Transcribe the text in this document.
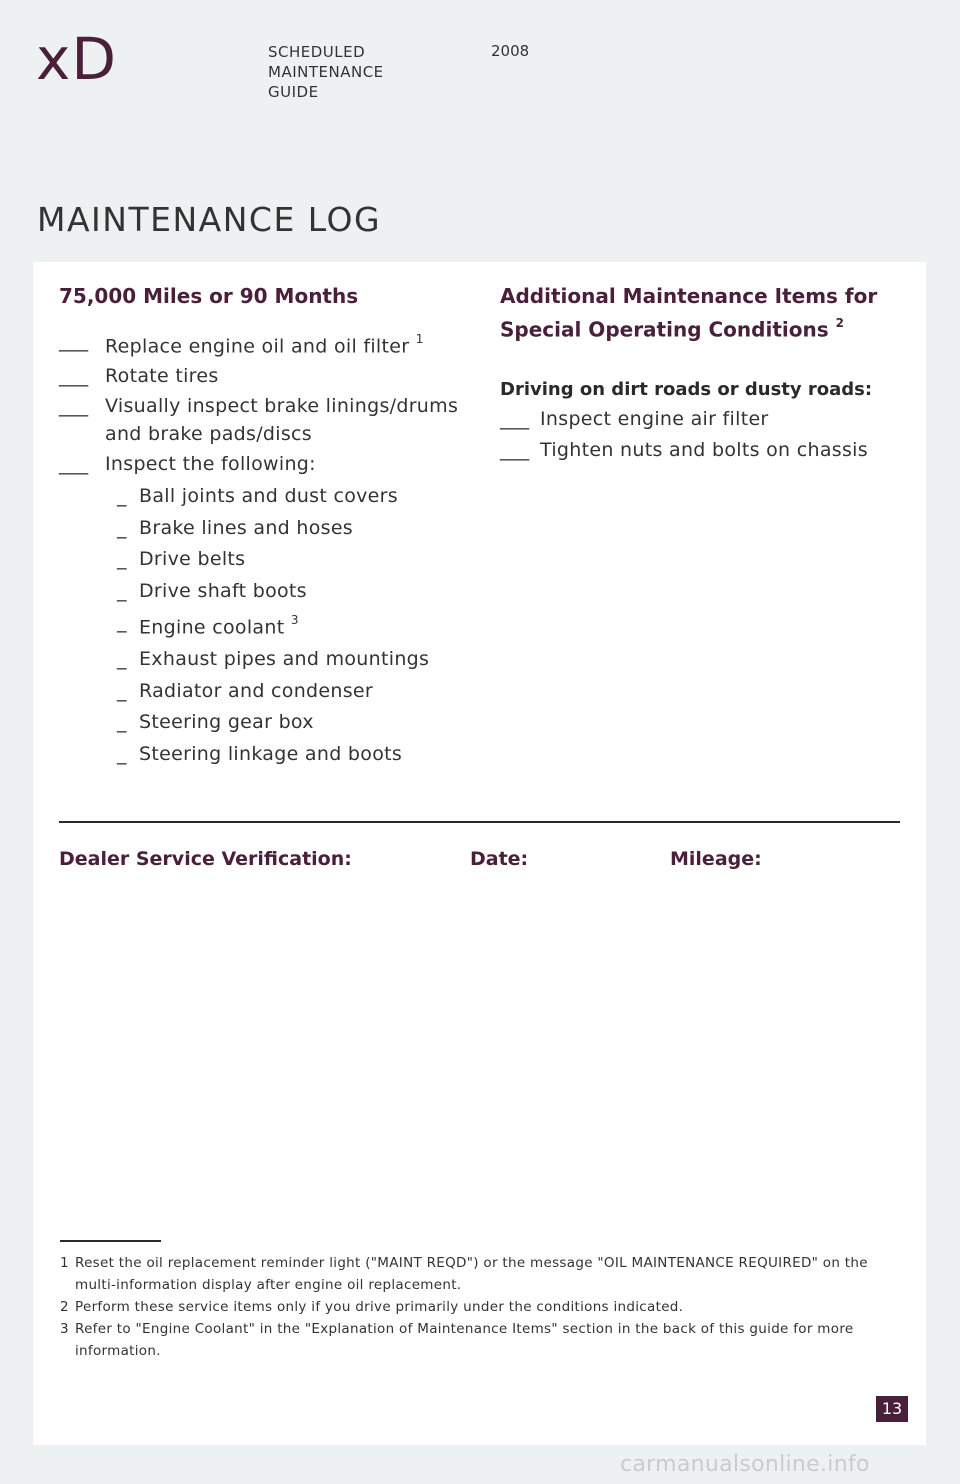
xD	SCHEDULED
MAINTENANCE
GUIDE
2008
MAINTENANCE LOG
75,000 Miles or 90 Months
___ Replace engine oil and oil filter $^1$
___ Rotate tires
___ Visually inspect brake linings/drums and brake pads/discs
___ Inspect the following:
_ Ball joints and dust covers
_ Brake lines and hoses
_ Drive belts
_ Drive shaft boots
_ Engine coolant $^3$
_ Exhaust pipes and mountings
_ Radiator and condenser
_ Steering gear box
_ Steering linkage and boots
Additional Maintenance Items for Special Operating Conditions $^2$
Driving on dirt roads or dusty roads:
___ Inspect engine air filter
___ Tighten nuts and bolts on chassis
Dealer Service Verification:	Date:	Mileage:
1 Reset the oil replacement reminder light ("MAINT REQD") or the message "OIL MAINTENANCE REQUIRED" on the multi-information display after engine oil replacement.
2 Perform these service items only if you drive primarily under the conditions indicated.
3 Refer to "Engine Coolant" in the "Explanation of Maintenance Items" section in the back of this guide for more information.
13
carmanualsonline.info
